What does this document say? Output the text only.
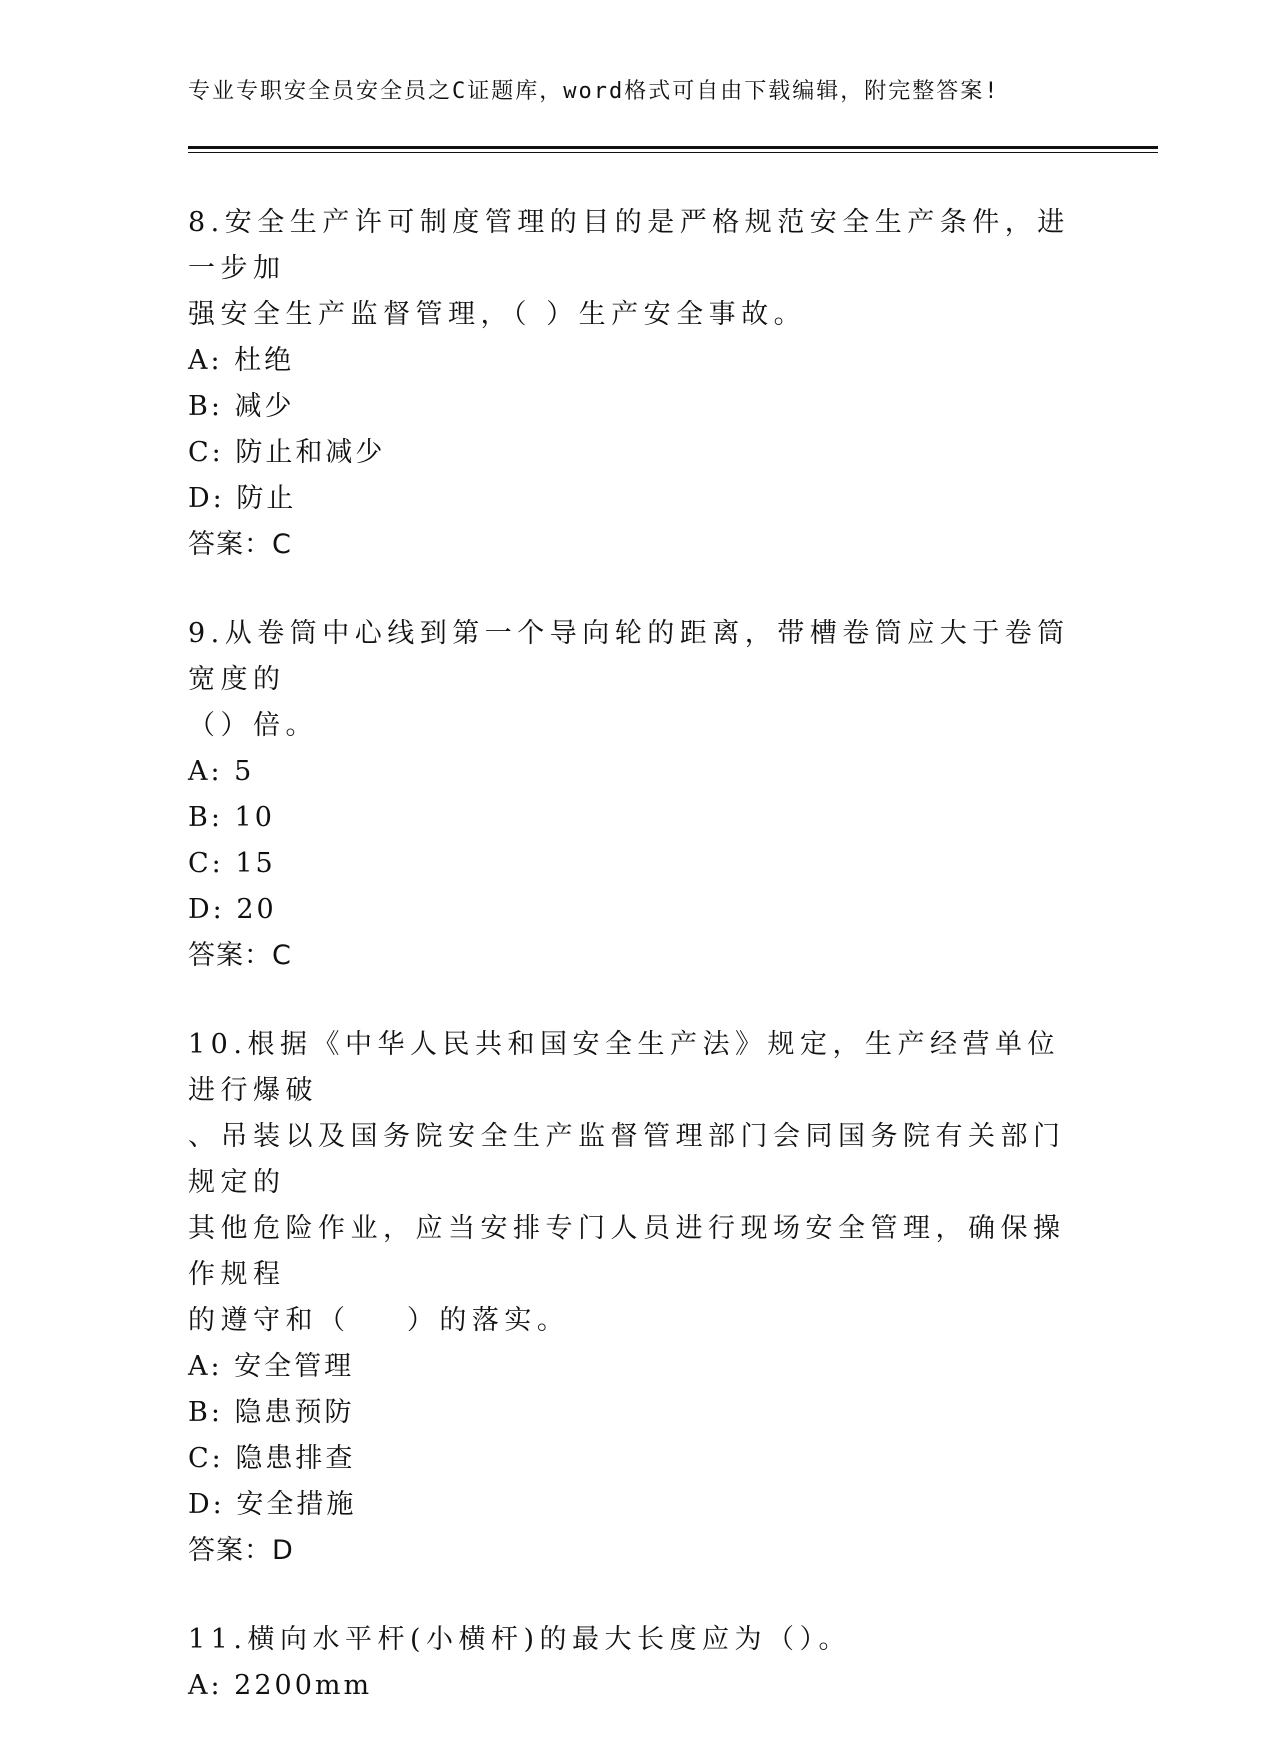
专业专职安全员安全员之C证题库，word格式可自由下载编辑，附完整答案!
8.安全生产许可制度管理的目的是严格规范安全生产条件，进一步加
强安全生产监督管理，（ ）生产安全事故。
A: 杜绝
B: 减少
C: 防止和减少
D: 防止
答案：C
9.从卷筒中心线到第一个导向轮的距离，带槽卷筒应大于卷筒宽度的
（）倍。
A: 5
B: 10
C: 15
D: 20
答案：C
10.根据《中华人民共和国安全生产法》规定，生产经营单位进行爆破
、吊装以及国务院安全生产监督管理部门会同国务院有关部门规定的
其他危险作业，应当安排专门人员进行现场安全管理，确保操作规程
的遵守和（    ）的落实。
A: 安全管理
B: 隐患预防
C: 隐患排查
D: 安全措施
答案：D
11.横向水平杆(小横杆)的最大长度应为（）。
A: 2200mm
